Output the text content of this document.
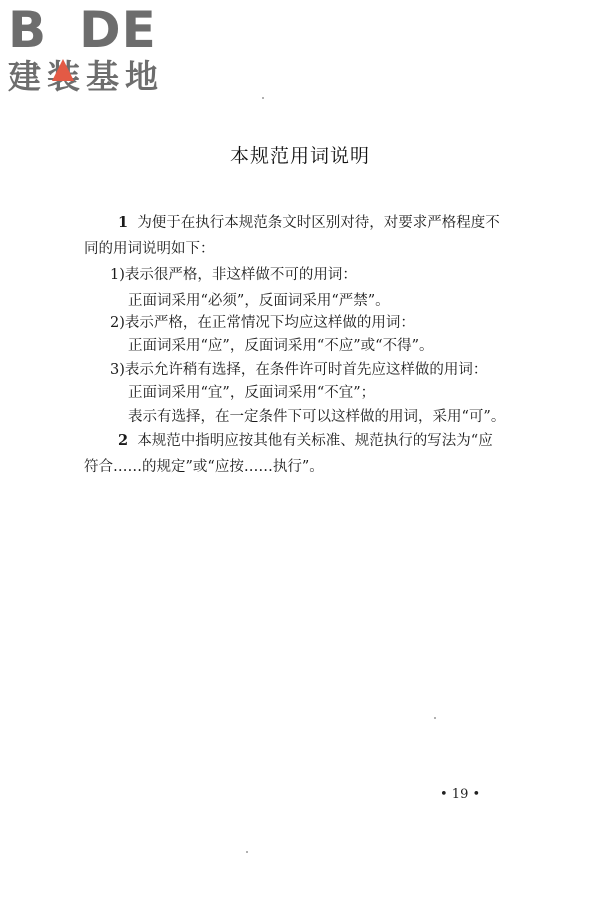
B DE
建装基地
本规范用词说明
1 为便于在执行本规范条文时区别对待，对要求严格程度不
同的用词说明如下：
1)表示很严格，非这样做不可的用词：
正面词采用“必须”，反面词采用“严禁”。
2)表示严格，在正常情况下均应这样做的用词：
正面词采用“应”，反面词采用“不应”或“不得”。
3)表示允许稍有选择，在条件许可时首先应这样做的用词：
正面词采用“宜”，反面词采用“不宜”；
表示有选择，在一定条件下可以这样做的用词，采用“可”。
2 本规范中指明应按其他有关标准、规范执行的写法为“应
符合……的规定”或“应按……执行”。
• 19 •
